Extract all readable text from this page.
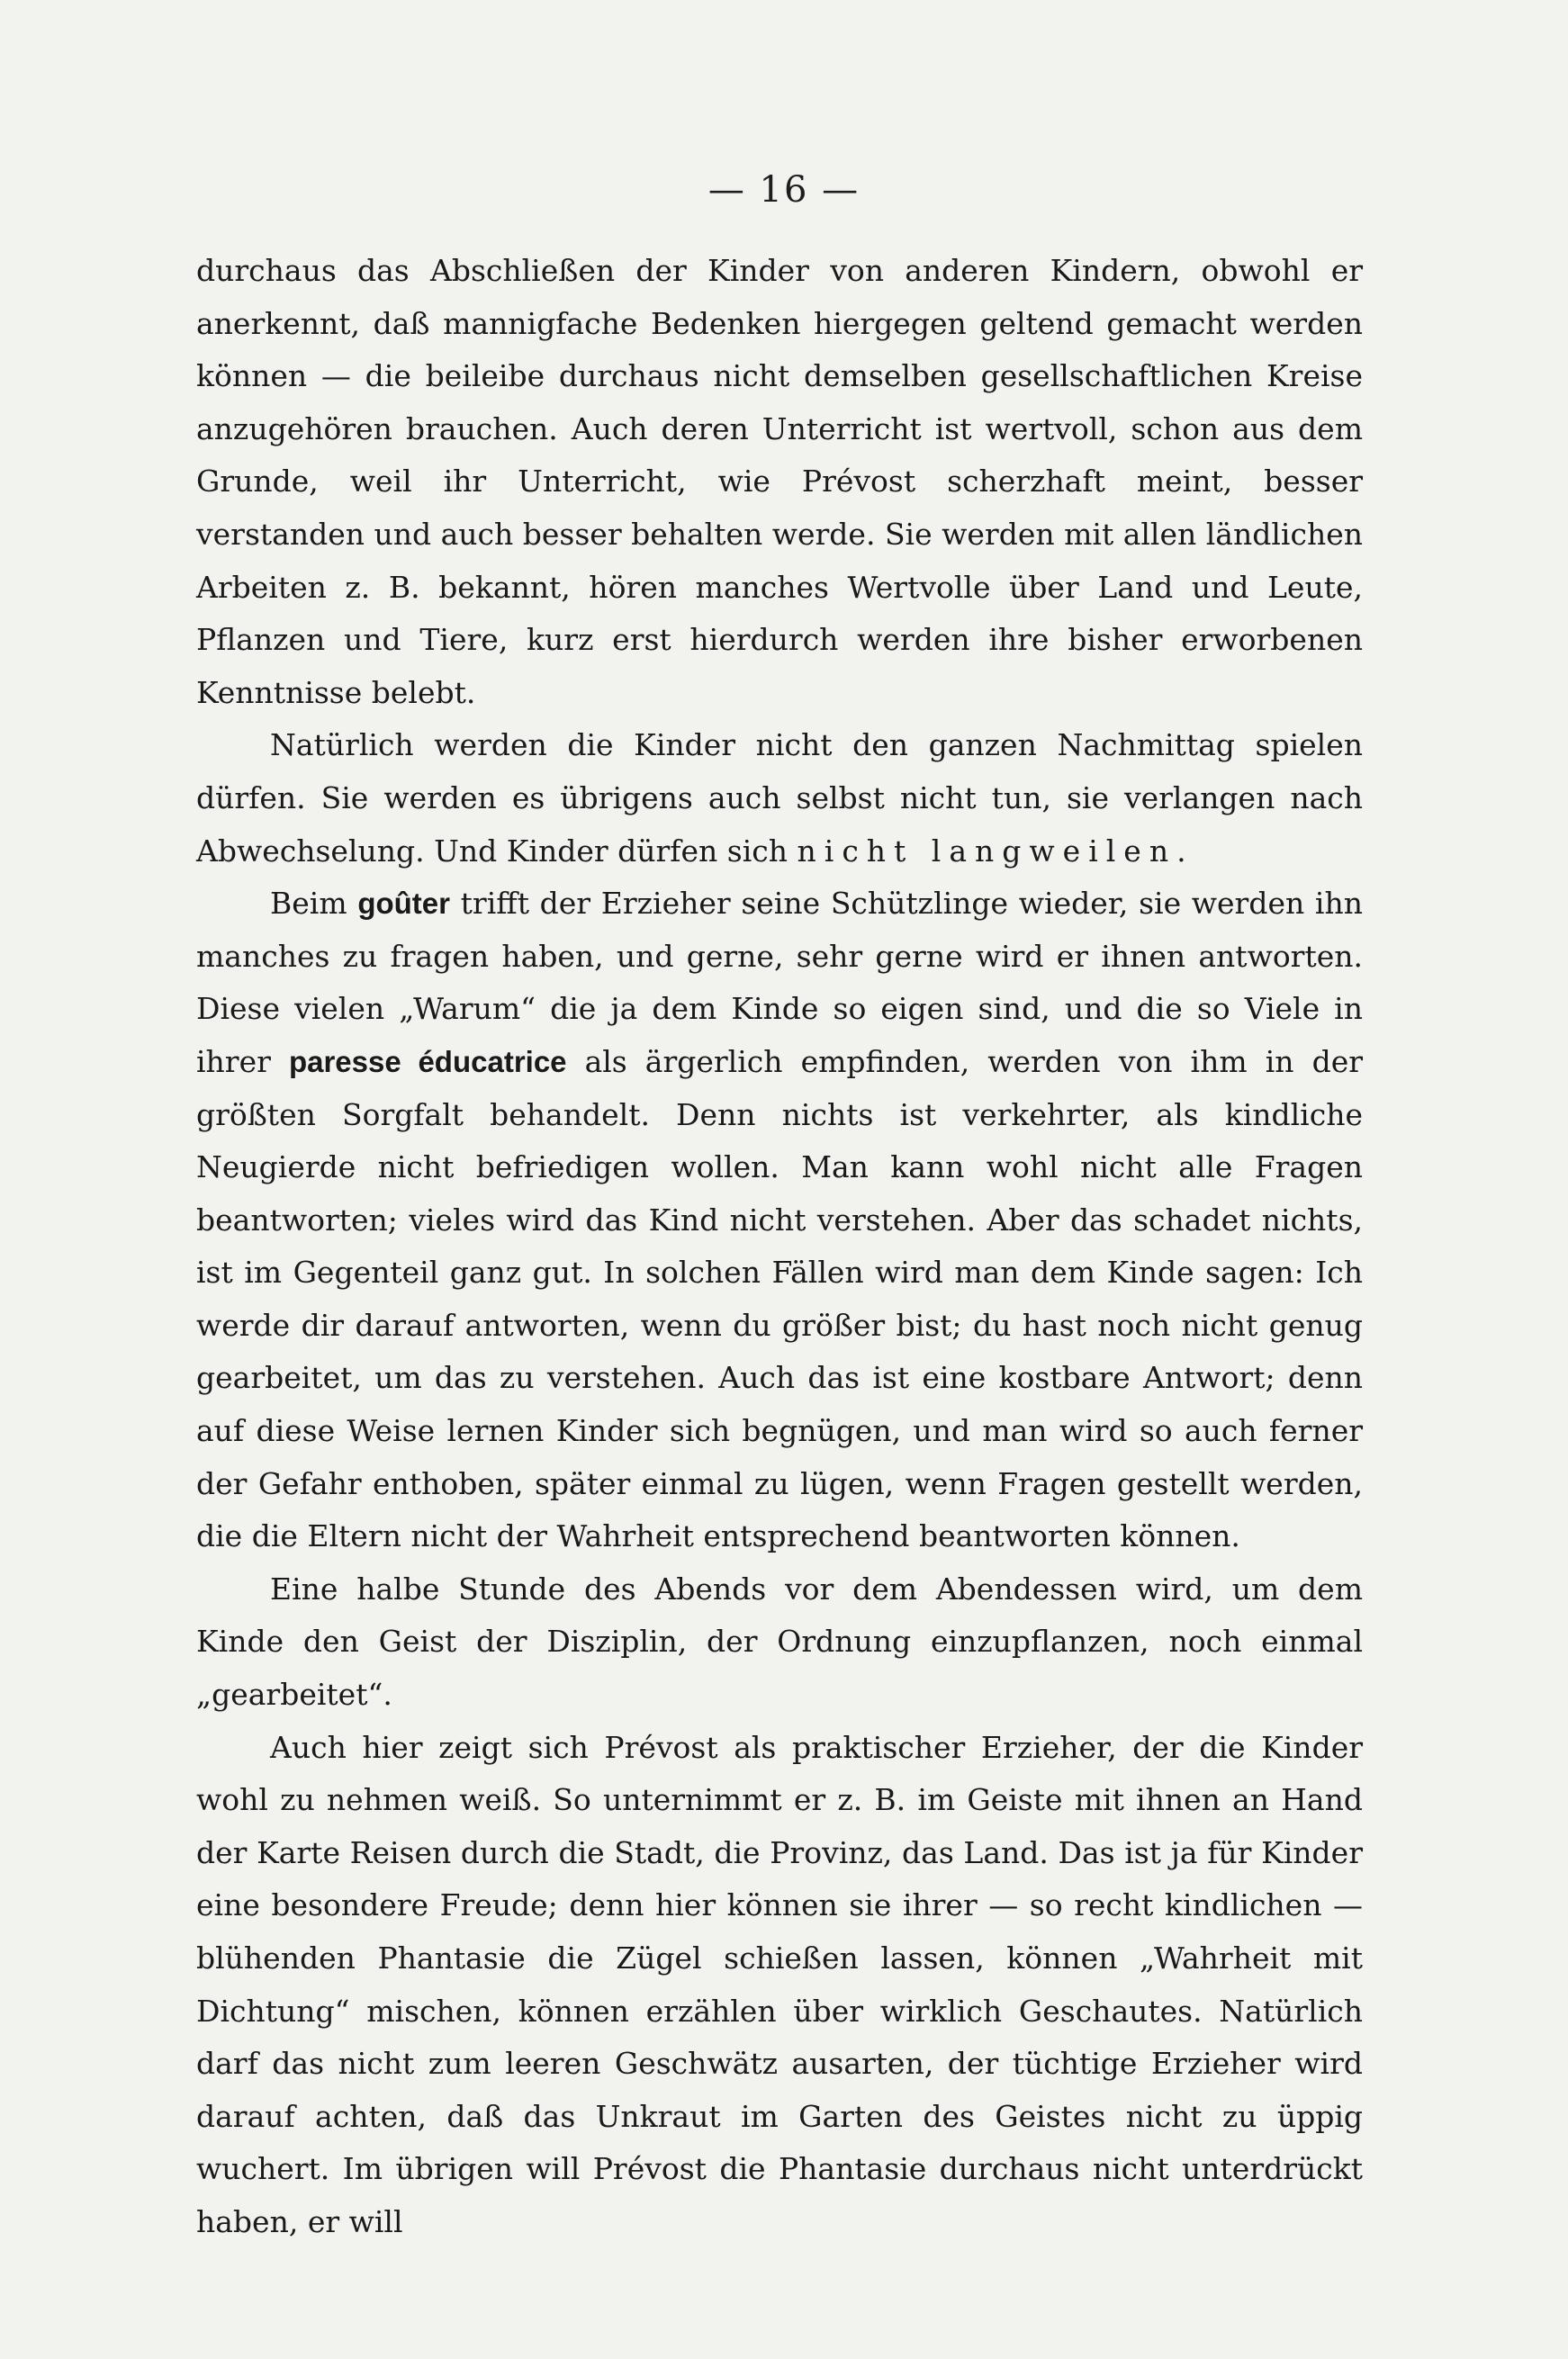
— 16 —

durchaus das Abschließen der Kinder von anderen Kindern, obwohl er anerkennt, daß mannigfache Bedenken hiergegen geltend gemacht werden können — die beileibe durchaus nicht demselben gesellschaftlichen Kreise anzugehören brauchen. Auch deren Unterricht ist wertvoll, schon aus dem Grunde, weil ihr Unterricht, wie Prévost scherzhaft meint, besser verstanden und auch besser behalten werde. Sie werden mit allen ländlichen Arbeiten z. B. bekannt, hören manches Wertvolle über Land und Leute, Pflanzen und Tiere, kurz erst hierdurch werden ihre bisher erworbenen Kenntnisse belebt.

Natürlich werden die Kinder nicht den ganzen Nachmittag spielen dürfen. Sie werden es übrigens auch selbst nicht tun, sie verlangen nach Abwechselung. Und Kinder dürfen sich nicht langweilen.

Beim goûter trifft der Erzieher seine Schützlinge wieder, sie werden ihn manches zu fragen haben, und gerne, sehr gerne wird er ihnen antworten. Diese vielen „Warum“ die ja dem Kinde so eigen sind, und die so Viele in ihrer paresse éducatrice als ärgerlich empfinden, werden von ihm in der größten Sorgfalt behandelt. Denn nichts ist verkehrter, als kindliche Neugierde nicht befriedigen wollen. Man kann wohl nicht alle Fragen beantworten; vieles wird das Kind nicht verstehen. Aber das schadet nichts, ist im Gegenteil ganz gut. In solchen Fällen wird man dem Kinde sagen: Ich werde dir darauf antworten, wenn du größer bist; du hast noch nicht genug gearbeitet, um das zu verstehen. Auch das ist eine kostbare Antwort; denn auf diese Weise lernen Kinder sich begnügen, und man wird so auch ferner der Gefahr enthoben, später einmal zu lügen, wenn Fragen gestellt werden, die die Eltern nicht der Wahrheit entsprechend beantworten können.

Eine halbe Stunde des Abends vor dem Abendessen wird, um dem Kinde den Geist der Disziplin, der Ordnung einzupflanzen, noch einmal „gearbeitet“.

Auch hier zeigt sich Prévost als praktischer Erzieher, der die Kinder wohl zu nehmen weiß. So unternimmt er z. B. im Geiste mit ihnen an Hand der Karte Reisen durch die Stadt, die Provinz, das Land. Das ist ja für Kinder eine besondere Freude; denn hier können sie ihrer — so recht kindlichen — blühenden Phantasie die Zügel schießen lassen, können „Wahrheit mit Dichtung“ mischen, können erzählen über wirklich Geschautes. Natürlich darf das nicht zum leeren Geschwätz ausarten, der tüchtige Erzieher wird darauf achten, daß das Unkraut im Garten des Geistes nicht zu üppig wuchert. Im übrigen will Prévost die Phantasie durchaus nicht unterdrückt haben, er will
